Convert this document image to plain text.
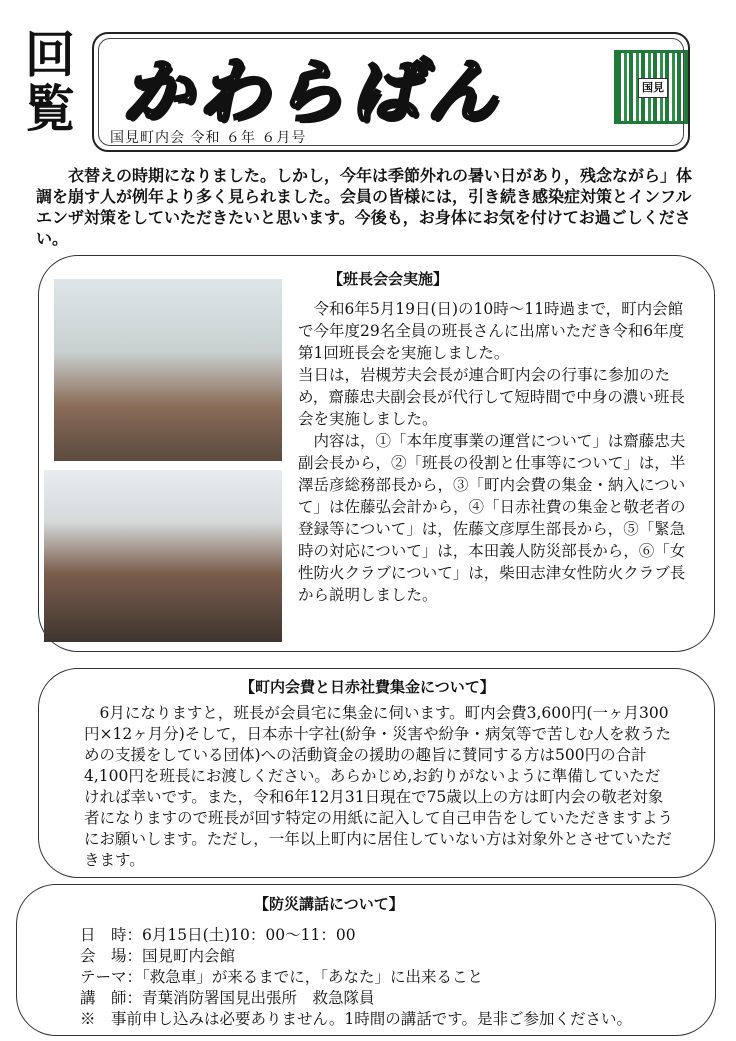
回覧 かわらばん
国見町内会 令和 ６年 ６月号
国見
衣替えの時期になりました。しかし，今年は季節外れの暑い日があり，残念ながら」体調を崩す人が例年より多く見られました。会員の皆様には，引き続き感染症対策とインフルエンザ対策をしていただきたいと思います。今後も，お身体にお気を付けてお過ごしください。
【班長会会実施】

令和6年5月19日(日)の10時～11時過まで，町内会館で今年度29名全員の班長さんに出席いただき令和6年度第1回班長会を実施しました。

当日は，岩槻芳夫会長が連合町内会の行事に参加のため，齋藤忠夫副会長が代行して短時間で中身の濃い班長会を実施しました。

内容は，①「本年度事業の運営について」は齋藤忠夫副会長から，②「班長の役割と仕事等について」は，半澤岳彦総務部長から，③「町内会費の集金・納入について」は佐藤弘会計から，④「日赤社費の集金と敬老者の登録等について」は，佐藤文彦厚生部長から，⑤「緊急時の対応について」は，本田義人防災部長から，⑥「女性防火クラブについて」は，柴田志津女性防火クラブ長から説明しました。

【町内会費と日赤社費集金について】

6月になりますと，班長が会員宅に集金に伺います。町内会費3,600円(一ヶ月300円×12ヶ月分)そして，日本赤十字社(紛争・災害や紛争・病気等で苦しむ人を救うための支援をしている団体)への活動資金の援助の趣旨に賛同する方は500円の合計4,100円を班長にお渡しください。あらかじめ,お釣りがないように準備していただければ幸いです。また，令和6年12月31日現在で75歳以上の方は町内会の敬老対象者になりますので班長が回す特定の用紙に記入して自己申告をしていただきますようにお願いします。ただし，一年以上町内に居住していない方は対象外とさせていただきます。

【防災講話について】
日　時：6月15日(土)10：00～11：00
会　場：国見町内会館
テーマ：「救急車」が来るまでに，「あなた」に出来ること
講　師：青葉消防署国見出張所　救急隊員
※　事前申し込みは必要ありません。1時間の講話です。是非ご参加ください。
